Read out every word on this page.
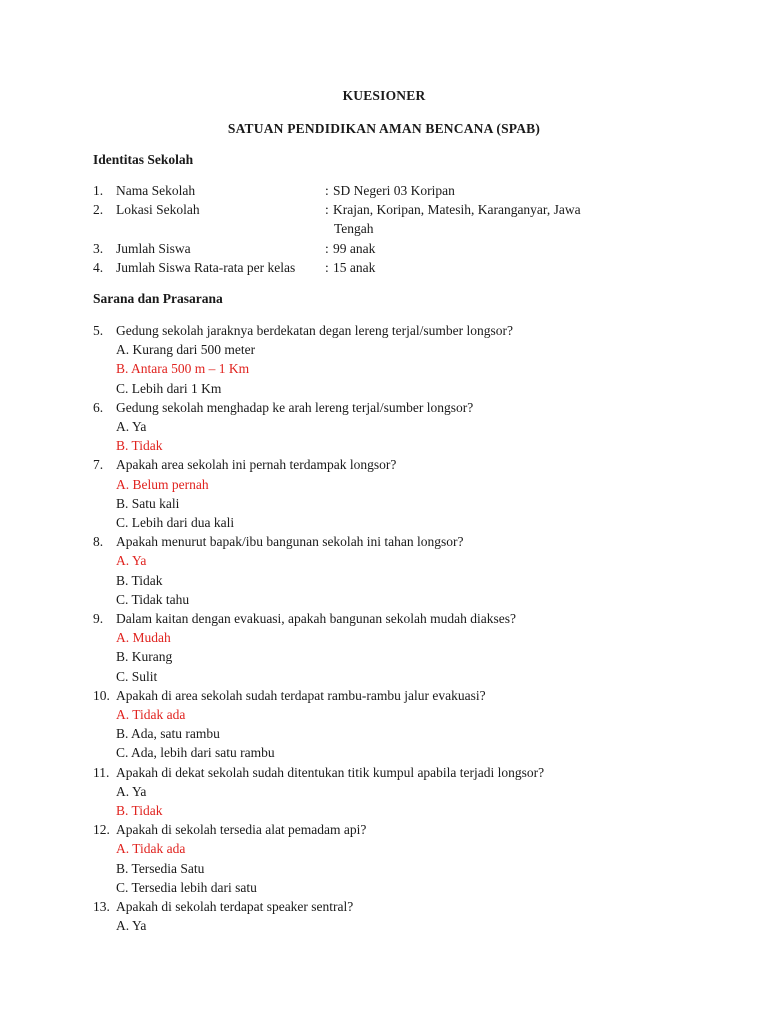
KUESIONER
SATUAN PENDIDIKAN AMAN BENCANA (SPAB)
Identitas Sekolah
1. Nama Sekolah	: SD Negeri 03 Koripan
2. Lokasi Sekolah	: Krajan, Koripan, Matesih, Karanganyar, Jawa
Tengah
3. Jumlah Siswa	: 99 anak
4. Jumlah Siswa Rata-rata per kelas : 15 anak
Sarana dan Prasarana
5. Gedung sekolah jaraknya berdekatan degan lereng terjal/sumber longsor?
A. Kurang dari 500 meter
B. Antara 500 m – 1 Km
C. Lebih dari 1 Km
6. Gedung sekolah menghadap ke arah lereng terjal/sumber longsor?
A. Ya
B. Tidak
7. Apakah area sekolah ini pernah terdampak longsor?
A. Belum pernah
B. Satu kali
C. Lebih dari dua kali
8. Apakah menurut bapak/ibu bangunan sekolah ini tahan longsor?
A. Ya
B. Tidak
C. Tidak tahu
9. Dalam kaitan dengan evakuasi, apakah bangunan sekolah mudah diakses?
A. Mudah
B. Kurang
C. Sulit
10. Apakah di area sekolah sudah terdapat rambu-rambu jalur evakuasi?
A. Tidak ada
B. Ada, satu rambu
C. Ada, lebih dari satu rambu
11. Apakah di dekat sekolah sudah ditentukan titik kumpul apabila terjadi longsor?
A. Ya
B. Tidak
12. Apakah di sekolah tersedia alat pemadam api?
A. Tidak ada
B. Tersedia Satu
C. Tersedia lebih dari satu
13. Apakah di sekolah terdapat speaker sentral?
A. Ya
